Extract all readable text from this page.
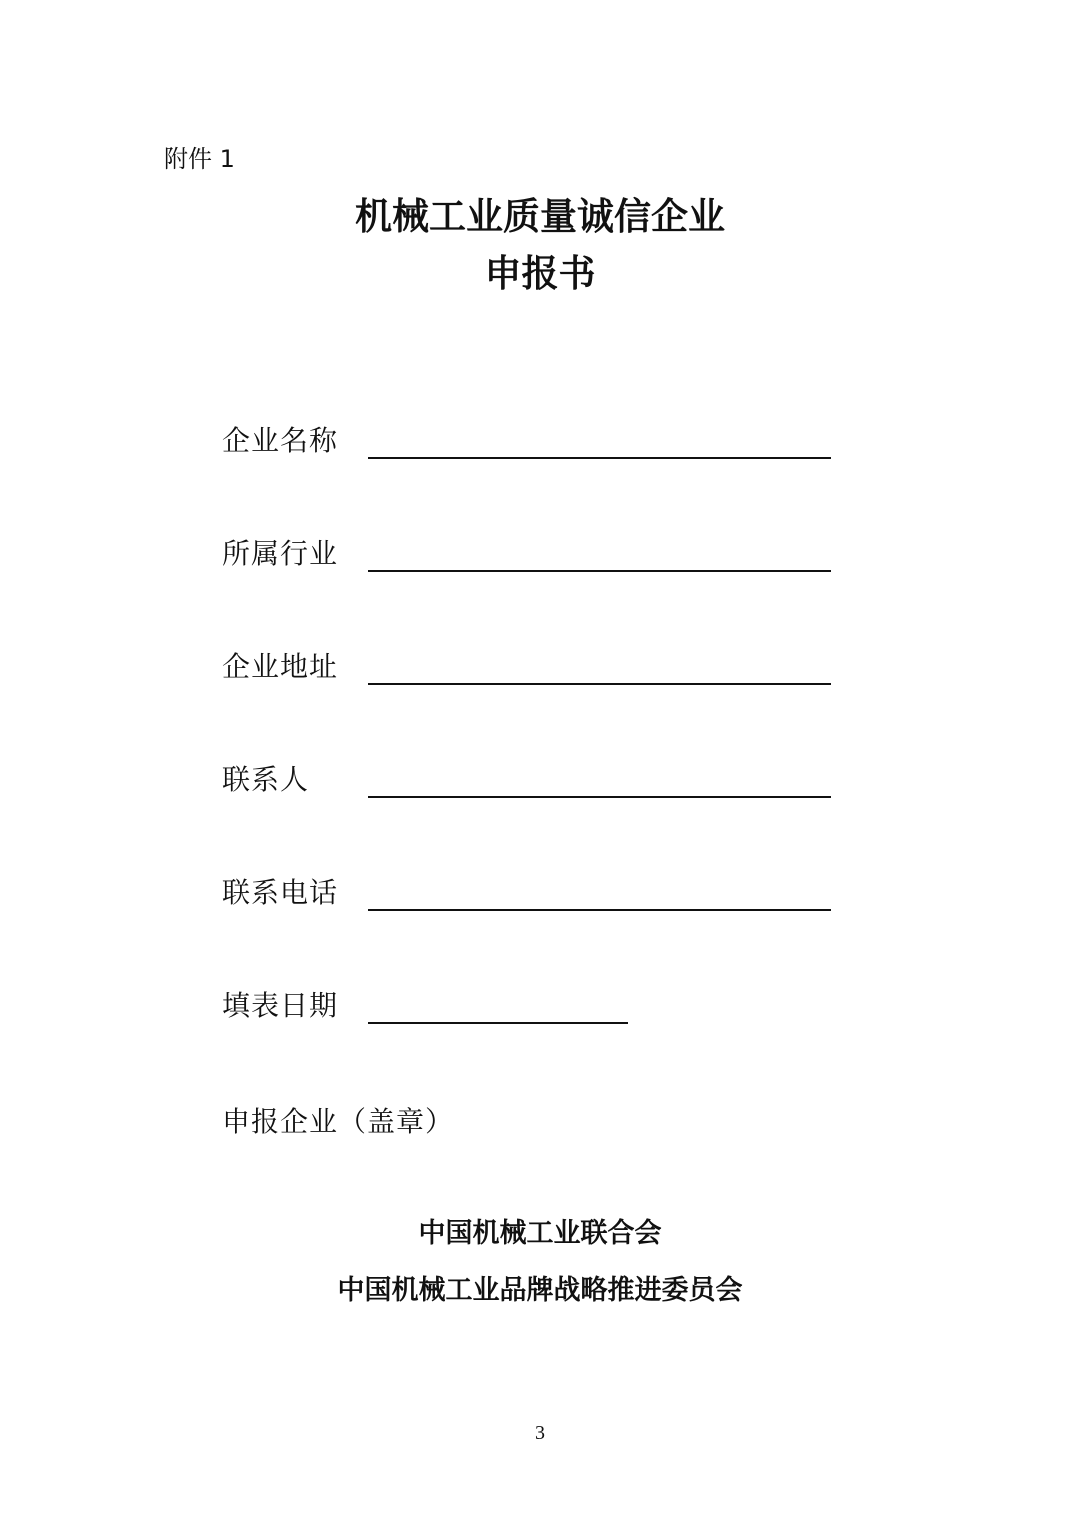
附件 1
机械工业质量诚信企业
申报书
企业名称
所属行业
企业地址
联系人
联系电话
填表日期
申报企业（盖章）
中国机械工业联合会
中国机械工业品牌战略推进委员会
3
